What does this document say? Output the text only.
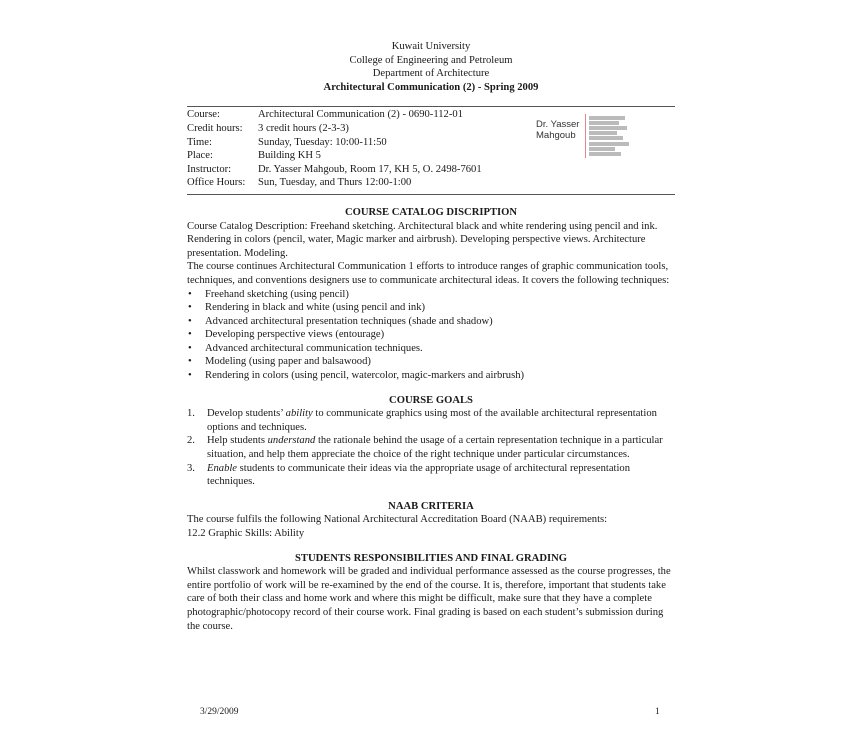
Kuwait University
College of Engineering and Petroleum
Department of Architecture
Architectural Communication (2) - Spring 2009
Course:	Architectural Communication (2) - 0690-112-01
Credit hours:	3 credit hours (2-3-3)
Time:	Sunday, Tuesday: 10:00-11:50
Place:	Building KH 5
Instructor:	Dr. Yasser Mahgoub, Room 17, KH 5, O. 2498-7601
Office Hours:	Sun, Tuesday, and Thurs 12:00-1:00
Dr. Yasser
Mahgoub
COURSE CATALOG DISCRIPTION

Course Catalog Description: Freehand sketching. Architectural black and white rendering using pencil and ink. Rendering in colors (pencil, water, Magic marker and airbrush). Developing perspective views. Architecture presentation. Modeling.

The course continues Architectural Communication 1 efforts to introduce ranges of graphic communication tools, techniques, and conventions designers use to communicate architectural ideas. It covers the following techniques:

• Freehand sketching (using pencil)
• Rendering in black and white (using pencil and ink)
• Advanced architectural presentation techniques (shade and shadow)
• Developing perspective views (entourage)
• Advanced architectural communication techniques.
• Modeling (using paper and balsawood)
• Rendering in colors (using pencil, watercolor, magic-markers and airbrush)
COURSE GOALS
1. Develop students’ ability to communicate graphics using most of the available architectural representation options and techniques.
2. Help students understand the rationale behind the usage of a certain representation technique in a particular situation, and help them appreciate the choice of the right technique under particular circumstances.
3. Enable students to communicate their ideas via the appropriate usage of architectural representation techniques.
NAAB CRITERIA

The course fulfils the following National Architectural Accreditation Board (NAAB) requirements:

12.2 Graphic Skills: Ability

STUDENTS RESPONSIBILITIES AND FINAL GRADING

Whilst classwork and homework will be graded and individual performance assessed as the course progresses, the entire portfolio of work will be re-examined by the end of the course. It is, therefore, important that students take care of both their class and home work and where this might be difficult, make sure that they have a complete photographic/photocopy record of their course work. Final grading is based on each student’s submission during the course.

3/29/2009	1
